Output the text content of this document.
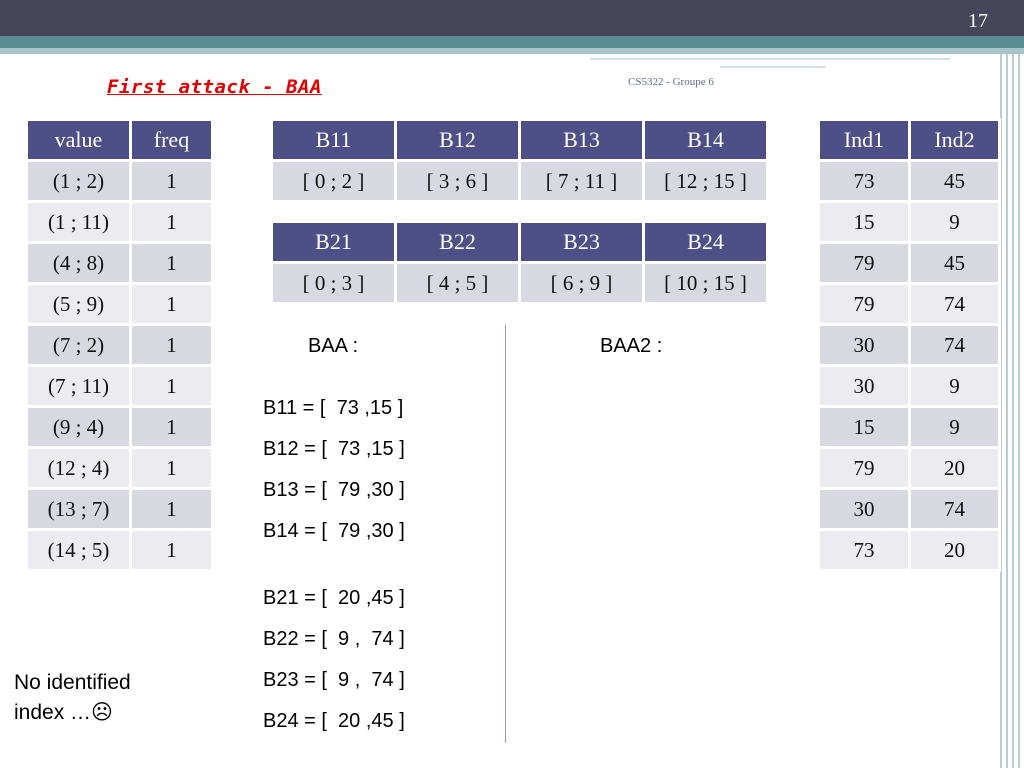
17
CS5322 - Groupe 6
First attack - BAA
value	freq
(1 ; 2)	1
(1 ; 11)	1
(4 ; 8)	1
(5 ; 9)	1
(7 ; 2)	1
(7 ; 11)	1
(9 ; 4)	1
(12 ; 4)	1
(13 ; 7)	1
(14 ; 5)	1
B11	B12	B13	B14
[ 0 ; 2 ]	[ 3 ; 6 ]	[ 7 ; 11 ]	[ 12 ; 15 ]
B21	B22	B23	B24
[ 0 ; 3 ]	[ 4 ; 5 ]	[ 6 ; 9 ]	[ 10 ; 15 ]
Ind1	Ind2
73	45
15	9
79	45
79	74
30	74
30	9
15	9
79	20
30	74
73	20
BAA :	BAA2 :
B11 = [  73 ,15 ]
B12 = [  73 ,15 ]
B13 = [  79 ,30 ]
B14 = [  79 ,30 ]
B21 = [  20 ,45 ]
B22 = [  9 ,  74 ]
B23 = [  9 ,  74 ]
B24 = [  20 ,45 ]
No identified
index …☹
